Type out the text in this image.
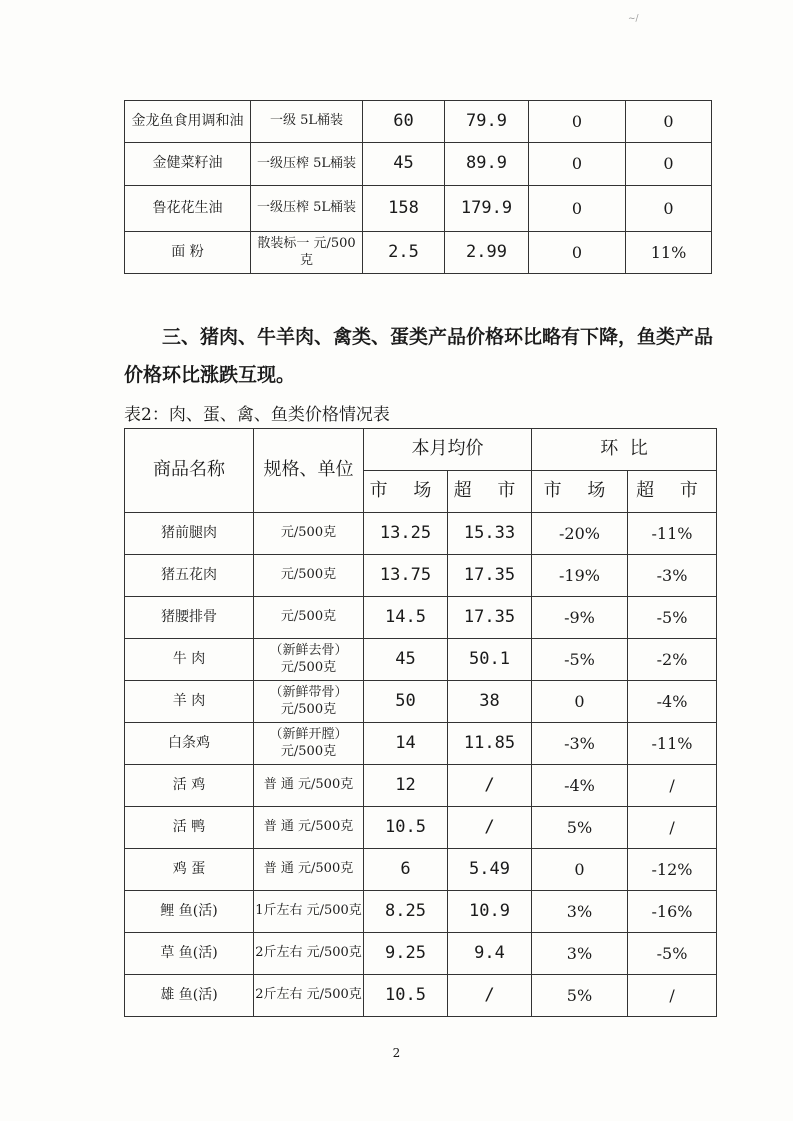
~/
金龙鱼食用调和油	一级 5L桶装	60	79.9	0	0
金健菜籽油	一级压榨 5L桶装	45	89.9	0	0
鲁花花生油	一级压榨 5L桶装	158	179.9	0	0
面 粉	散装标一 元/500克	2.5	2.99	0	11%
三、猪肉、牛羊肉、禽类、蛋类产品价格环比略有下降，鱼类产品价格环比涨跌互现。
表2：肉、蛋、禽、鱼类价格情况表
商品名称	规格、单位	本月均价		环  比	
		市 场	超 市	市 场	超 市
猪前腿肉	元/500克	13.25	15.33	-20%	-11%
猪五花肉	元/500克	13.75	17.35	-19%	-3%
猪腰排骨	元/500克	14.5	17.35	-9%	-5%
牛 肉	（新鲜去骨） 元/500克	45	50.1	-5%	-2%
羊 肉	（新鲜带骨） 元/500克	50	38	0	-4%
白条鸡	（新鲜开膛） 元/500克	14	11.85	-3%	-11%
活 鸡	普 通 元/500克	12	/	-4%	/
活 鸭	普 通 元/500克	10.5	/	5%	/
鸡 蛋	普 通 元/500克	6	5.49	0	-12%
鲤 鱼(活)	1斤左右 元/500克	8.25	10.9	3%	-16%
草 鱼(活)	2斤左右 元/500克	9.25	9.4	3%	-5%
雄 鱼(活)	2斤左右 元/500克	10.5	/	5%	/
2
